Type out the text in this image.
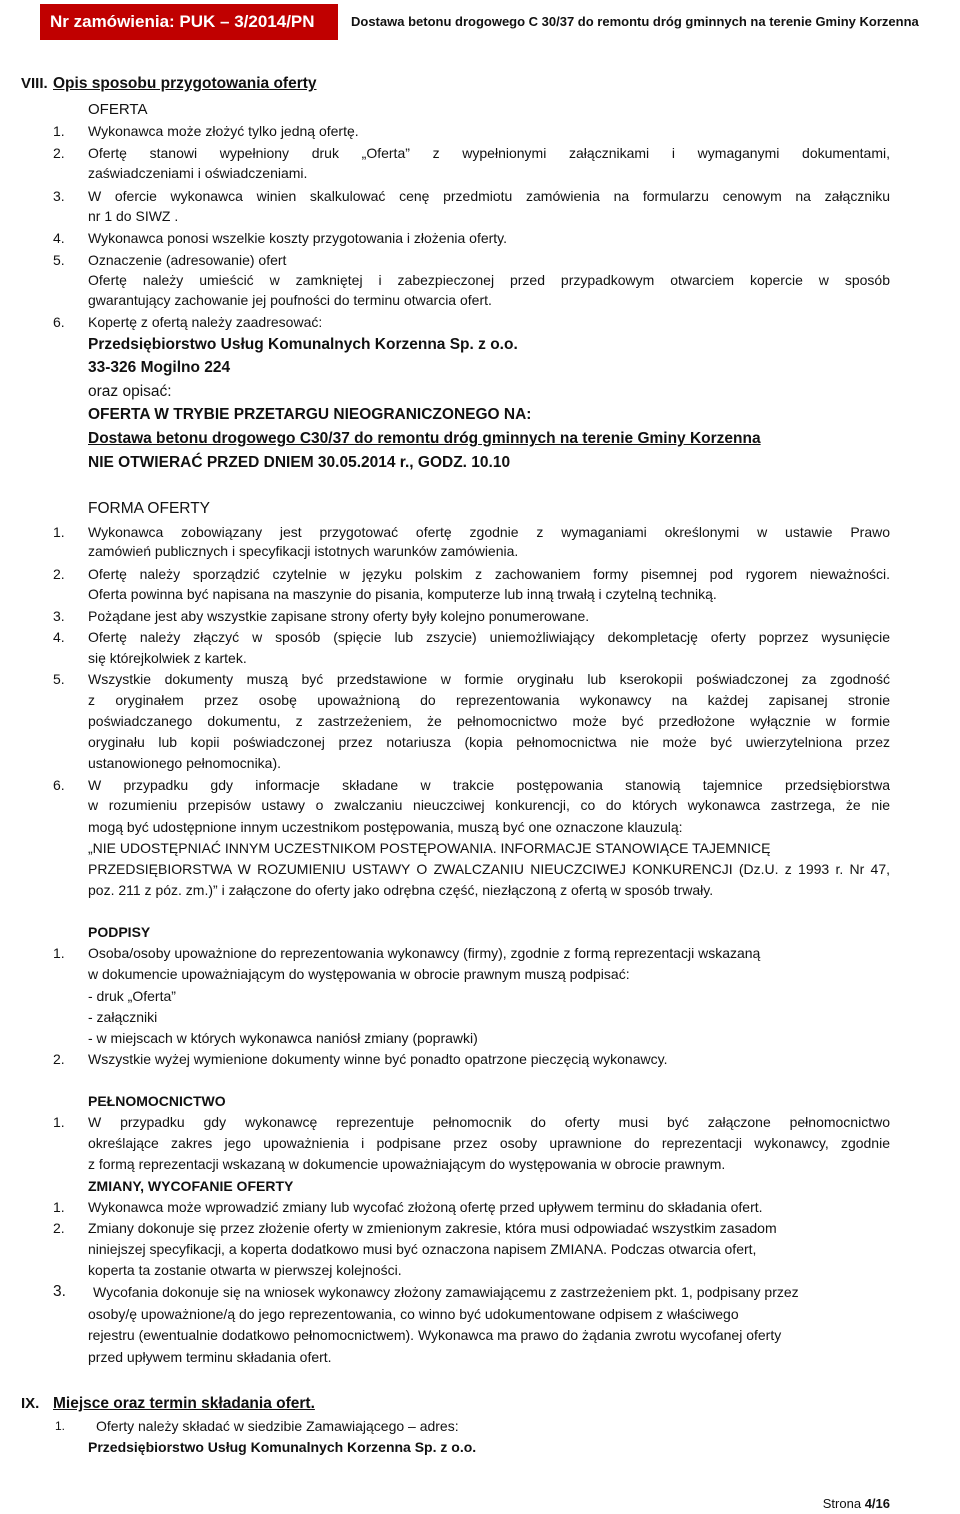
Nr zamówienia: PUK – 3/2014/PN	Dostawa betonu drogowego C 30/37 do remontu dróg gminnych na terenie Gminy Korzenna
VIII. Opis sposobu przygotowania oferty
OFERTA
1. Wykonawca może złożyć tylko jedną ofertę.
2. Ofertę stanowi wypełniony druk „Oferta” z wypełnionymi załącznikami i wymaganymi dokumentami,
zaświadczeniami i oświadczeniami.
3. W ofercie wykonawca winien skalkulować cenę przedmiotu zamówienia na formularzu cenowym na załączniku
nr 1 do SIWZ .
4. Wykonawca ponosi wszelkie koszty przygotowania i złożenia oferty.
5. Oznaczenie (adresowanie) ofert
Ofertę należy umieścić w zamkniętej i zabezpieczonej przed przypadkowym otwarciem kopercie w sposób
gwarantujący zachowanie jej poufności do terminu otwarcia ofert.
6. Kopertę z ofertą należy zaadresować:
Przedsiębiorstwo Usług Komunalnych Korzenna Sp. z o.o.
33-326 Mogilno 224
oraz opisać:
OFERTA W TRYBIE PRZETARGU NIEOGRANICZONEGO NA:
Dostawa betonu drogowego C30/37 do remontu dróg gminnych na terenie Gminy Korzenna
NIE OTWIERAĆ PRZED DNIEM 30.05.2014 r., GODZ. 10.10
FORMA OFERTY
1. Wykonawca zobowiązany jest przygotować ofertę zgodnie z wymaganiami określonymi w ustawie Prawo
zamówień publicznych i specyfikacji istotnych warunków zamówienia.
2. Ofertę należy sporządzić czytelnie w języku polskim z zachowaniem formy pisemnej pod rygorem nieważności.
Oferta powinna być napisana na maszynie do pisania, komputerze lub inną trwałą i czytelną techniką.
3. Pożądane jest aby wszystkie zapisane strony oferty były kolejno ponumerowane.
4. Ofertę należy złączyć w sposób (spięcie lub zszycie) uniemożliwiający dekompletację oferty poprzez wysunięcie
się którejkolwiek z kartek.
5. Wszystkie dokumenty muszą być przedstawione w formie oryginału lub kserokopii poświadczonej za zgodność
z oryginałem przez osobę upoważnioną do reprezentowania wykonawcy na każdej zapisanej stronie
poświadczanego dokumentu, z zastrzeżeniem, że pełnomocnictwo może być przedłożone wyłącznie w formie
oryginału lub kopii poświadczonej przez notariusza (kopia pełnomocnictwa nie może być uwierzytelniona przez
ustanowionego pełnomocnika).
6. W przypadku gdy informacje składane w trakcie postępowania stanowią tajemnice przedsiębiorstwa
w rozumieniu przepisów ustawy o zwalczaniu nieuczciwej konkurencji, co do których wykonawca zastrzega, że nie
mogą być udostępnione innym uczestnikom postępowania, muszą być one oznaczone klauzulą:
„NIE UDOSTĘPNIAĆ INNYM UCZESTNIKOM POSTĘPOWANIA. INFORMACJE STANOWIĄCE TAJEMNICĘ
PRZEDSIĘBIORSTWA W ROZUMIENIU USTAWY O ZWALCZANIU NIEUCZCIWEJ KONKURENCJI (Dz.U. z 1993 r. Nr 47,
poz. 211 z póz. zm.)” i załączone do oferty jako odrębna część, niezłączoną z ofertą w sposób trwały.
PODPISY
1. Osoba/osoby upoważnione do reprezentowania wykonawcy (firmy), zgodnie z formą reprezentacji wskazaną
w dokumencie upoważniającym do występowania w obrocie prawnym muszą podpisać:
- druk „Oferta”
- załączniki
- w miejscach w których wykonawca naniósł zmiany (poprawki)
2. Wszystkie wyżej wymienione dokumenty winne być ponadto opatrzone pieczęcią wykonawcy.
PEŁNOMOCNICTWO
1. W przypadku gdy wykonawcę reprezentuje pełnomocnik do oferty musi być załączone pełnomocnictwo
określające zakres jego upoważnienia i podpisane przez osoby uprawnione do reprezentacji wykonawcy, zgodnie
z formą reprezentacji wskazaną w dokumencie upoważniającym do występowania w obrocie prawnym.
ZMIANY, WYCOFANIE OFERTY
1. Wykonawca może wprowadzić zmiany lub wycofać złożoną ofertę przed upływem terminu do składania ofert.
2. Zmiany dokonuje się przez złożenie oferty w zmienionym zakresie, która musi odpowiadać wszystkim zasadom
niniejszej specyfikacji, a koperta dodatkowo musi być oznaczona napisem ZMIANA. Podczas otwarcia ofert,
koperta ta zostanie otwarta w pierwszej kolejności.
3. Wycofania dokonuje się na wniosek wykonawcy złożony zamawiającemu z zastrzeżeniem pkt. 1, podpisany przez
osoby/ę upoważnione/ą do jego reprezentowania, co winno być udokumentowane odpisem z właściwego
rejestru (ewentualnie dodatkowo pełnomocnictwem). Wykonawca ma prawo do żądania zwrotu wycofanej oferty
przed upływem terminu składania ofert.
IX. Miejsce oraz termin składania ofert.
1. Oferty należy składać w siedzibie Zamawiającego – adres:
Przedsiębiorstwo Usług Komunalnych Korzenna Sp. z o.o.
Strona 4/16
